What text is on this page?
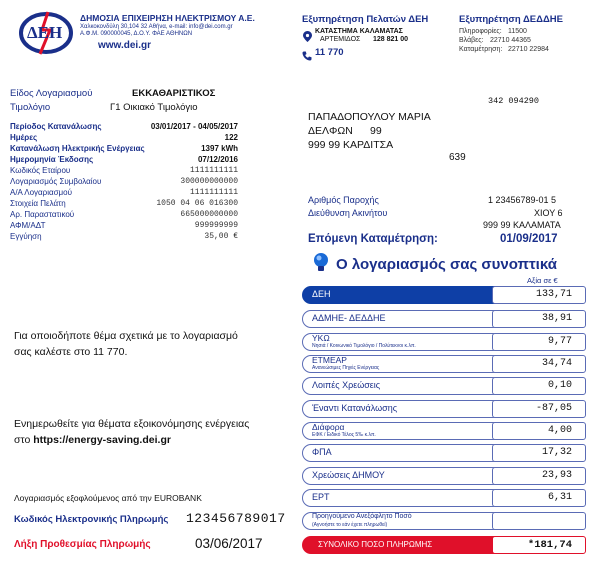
ΔΕΗ
ΔΗΜΟΣΙΑ ΕΠΙΧΕΙΡΗΣΗ ΗΛΕΚΤΡΙΣΜΟΥ Α.Ε.
Χαλκοκονδύλη 30,104 32 Αθήνα, e-mail: info@dei.com.gr
Α.Φ.Μ. 090000045, Δ.Ο.Υ. ΦΑΕ ΑΘΗΝΩΝ
www.dei.gr
Εξυπηρέτηση Πελατών ΔΕΗ
ΚΑΤΑΣΤΗΜΑ ΚΑΛΑΜΑΤΑΣ
ΑΡΤΕΜΙΔΟΣ 128 821 00
11 770
Εξυπηρέτηση ΔΕΔΔΗΕ
Πληροφορίες: 11500
Βλάβες: 22710 44365
Καταμέτρηση: 22710 22984
Είδος Λογαριασμού	ΕΚΚΑΘΑΡΙΣΤΙΚΟΣ
Τιμολόγιο	Γ1 Οικιακό Τιμολόγιο
Περίοδος Κατανάλωσης	03/01/2017 - 04/05/2017
Ημέρες	122
Κατανάλωση Ηλεκτρικής Ενέργειας	1397 kWh
Ημερομηνία Έκδοσης	07/12/2016
Κωδικός Εταίρου	1111111111
Λογαριασμός Συμβολαίου	300000000000
Α/Α Λογαριασμού	1111111111
Στοιχεία Πελάτη	1050 04 06 016300
Αρ. Παραστατικού	665000000000
ΑΦΜ/ΑΔΤ	999999999
Εγγύηση	35,00 €
342 094290
ΠΑΠΑΔΟΠΟΥΛΟΥ ΜΑΡΙΑ
ΔΕΛΦΩΝ 99
999 99 ΚΑΡΔΙΤΣΑ
639
Αριθμός Παροχής	1 23456789-01 5
Διεύθυνση Ακινήτου	ΧΙΟΥ 6
999 99 ΚΑΛΑΜΑΤΑ
Επόμενη Καταμέτρηση:	01/09/2017
Ο λογαριασμός σας συνοπτικά
Αξία σε €
ΔΕΗ	133,71
ΑΔΜΗΕ- ΔΕΔΔΗΕ	38,91
ΥΚΩ
Νησιά / Κοινωνικό Τιμολόγιο / Πολύτεκνοι κ.λπ.	9,77
ΕΤΜΕΑΡ
Ανανεώσιμες Πηγές Ενέργειας	34,74
Λοιπές Χρεώσεις	0,10
Έναντι Κατανάλωσης	-87,05
Διάφορα
ΕΦΚ / Ειδικό Τέλος 5‰ κ.λπ.	4,00
ΦΠΑ	17,32
Χρεώσεις ΔΗΜΟΥ	23,93
ΕΡΤ	6,31
Προηγούμενο Ανεξόφλητο Ποσό
(Αγνοήστε το εάν έχετε πληρωθεί)
ΣΥΝΟΛΙΚΟ ΠΟΣΟ ΠΛΗΡΩΜΗΣ	*181,74
Για οποιοδήποτε θέμα σχετικά με το λογαριασμό
σας καλέστε στο 11 770.
Ενημερωθείτε για θέματα εξοικονόμησης ενέργειας
στο https://energy-saving.dei.gr
Λογαριασμός εξοφλούμενος από την EUROBANK
Κωδικός Ηλεκτρονικής Πληρωμής 123456789017
Λήξη Προθεσμίας Πληρωμής	03/06/2017
